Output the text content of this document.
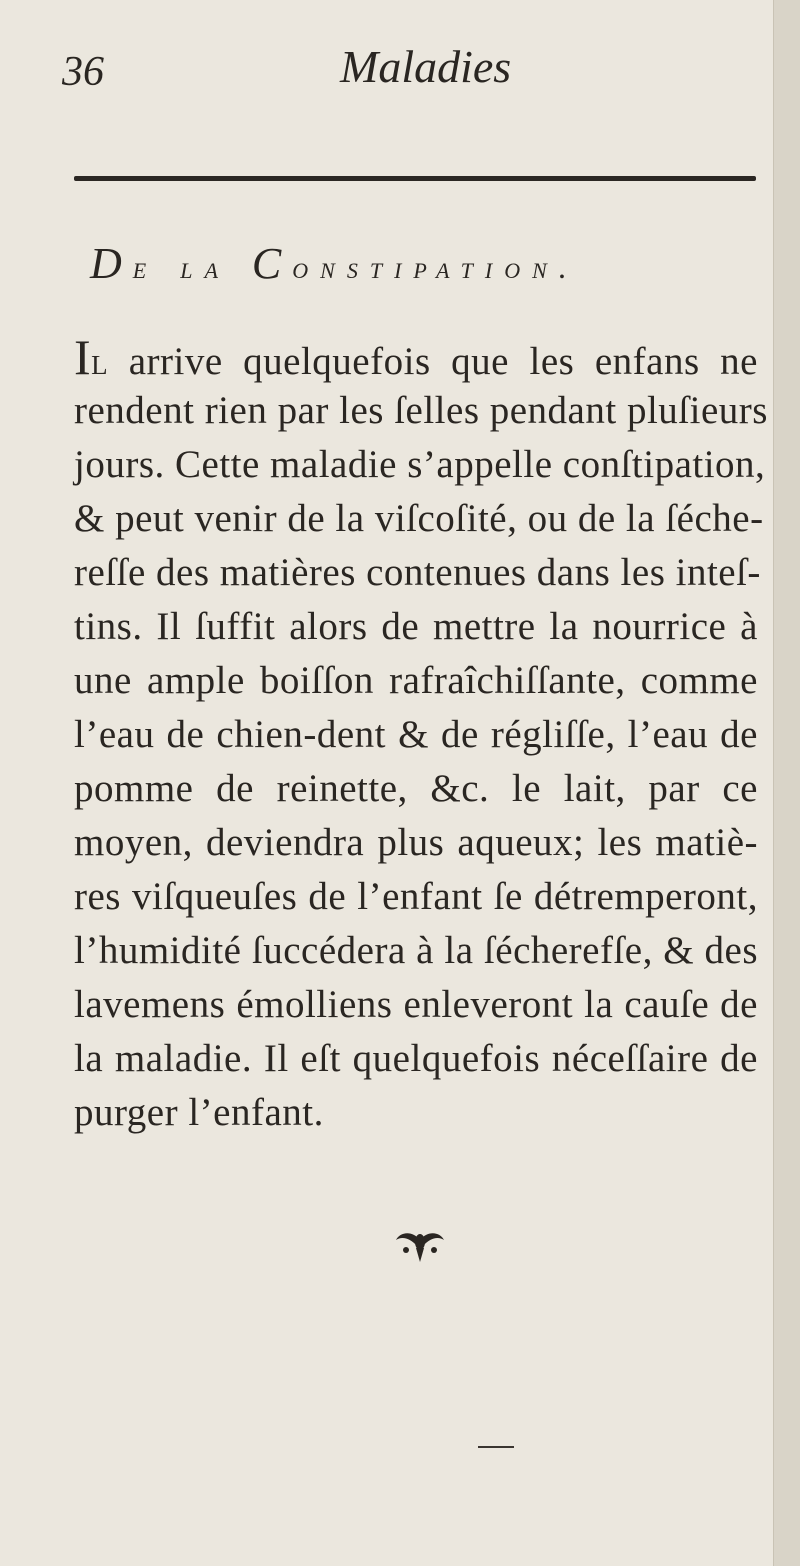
36	Maladies
De la Constipation.
Il arrive quelquefois que les enfans ne
rendent rien par les ſelles pendant pluſieurs
jours. Cette maladie s’appelle conſtipation,
& peut venir de la viſcoſité, ou de la ſéche-
reſſe des matières contenues dans les inteſ-
tins. Il ſuffit alors de mettre la nourrice à
une ample boiſſon rafraîchiſſante, comme
l’eau de chien-dent & de régliſſe, l’eau de
pomme de reinette, &c. le lait, par ce
moyen, deviendra plus aqueux; les matiè-
res viſqueuſes de l’enfant ſe détremperont,
l’humidité ſuccédera à la ſécherefſe, & des
lavemens émolliens enleveront la cauſe de
la maladie. Il eſt quelquefois néceſſaire de
purger l’enfant.
